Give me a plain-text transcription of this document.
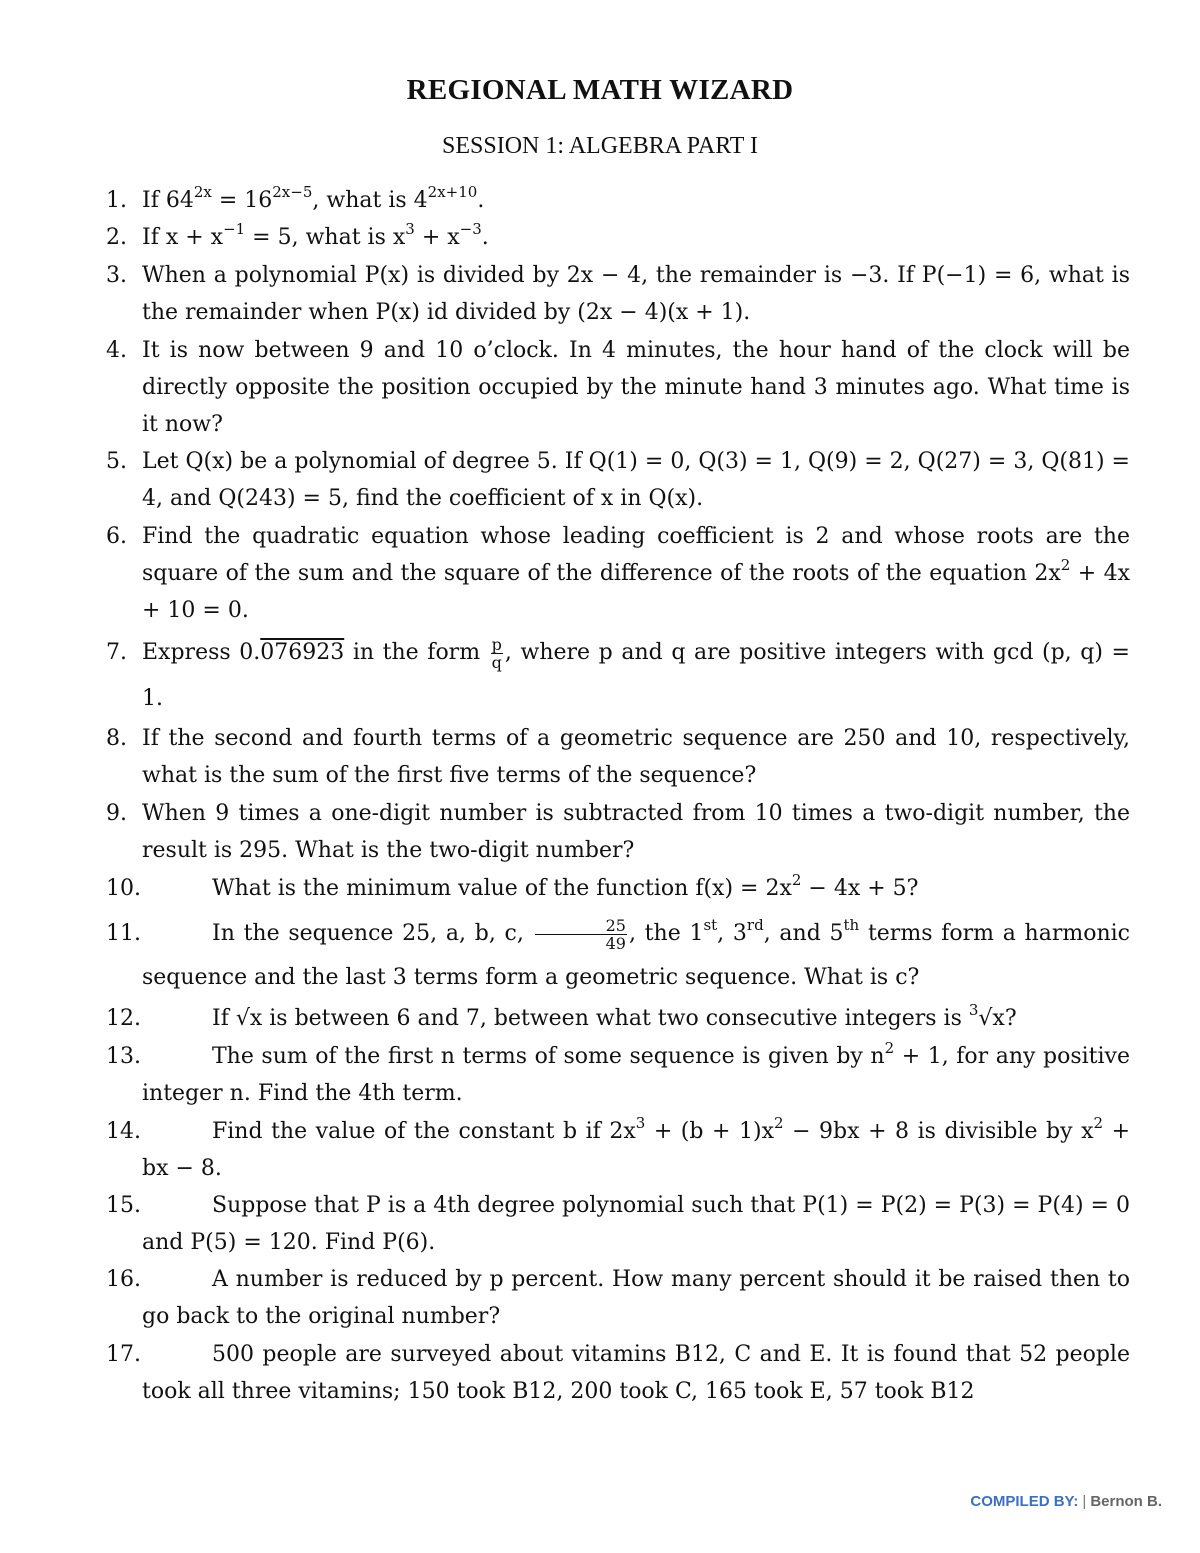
REGIONAL MATH WIZARD
SESSION 1: ALGEBRA PART I
1. If $64^{2x} = 16^{2x-5}$, what is $4^{2x+10}$.
2. If $x + x^{-1} = 5$, what is $x^3 + x^{-3}$.
3. When a polynomial P(x) is divided by 2x − 4, the remainder is −3. If P(−1) = 6, what is the remainder when P(x) id divided by (2x − 4)(x + 1).
4. It is now between 9 and 10 o’clock. In 4 minutes, the hour hand of the clock will be directly opposite the position occupied by the minute hand 3 minutes ago. What time is it now?
5. Let Q(x) be a polynomial of degree 5. If Q(1) = 0, Q(3) = 1, Q(9) = 2, Q(27) = 3, Q(81) = 4, and Q(243) = 5, find the coefficient of x in Q(x).
6. Find the quadratic equation whose leading coefficient is 2 and whose roots are the square of the sum and the square of the difference of the roots of the equation $2x^2 + 4x + 10 = 0$.
7. Express 0.076923 in the form $\frac{p}{q}$ , where p and q are positive integers with gcd (p, q) = 1.
8. If the second and fourth terms of a geometric sequence are 250 and 10, respectively, what is the sum of the first five terms of the sequence?
9. When 9 times a one-digit number is subtracted from 10 times a two-digit number, the result is 295. What is the two-digit number?
10.	What is the minimum value of the function $f(x) = 2x^2 - 4x + 5$?
11.	In the sequence 25, a, b, c, $\frac{25}{49}$ , the 1st, 3rd, and 5th terms form a harmonic sequence and the last 3 terms form a geometric sequence. What is c?
12.	If √x is between 6 and 7, between what two consecutive integers is $^3$√x?
13.	The sum of the first n terms of some sequence is given by $n^2 + 1$, for any positive integer n. Find the 4th term.
14.	Find the value of the constant b if $2x^3 + (b + 1)x^2 - 9bx + 8$ is divisible by $x^2$ + bx − 8.
15.	Suppose that P is a 4th degree polynomial such that P(1) = P(2) = P(3) = P(4) = 0 and P(5) = 120. Find P(6).
16.	A number is reduced by p percent. How many percent should it be raised then to go back to the original number?
17.	500 people are surveyed about vitamins B12, C and E. It is found that 52 people took all three vitamins; 150 took B12, 200 took C, 165 took E, 57 took B12
COMPILED BY: | Bernon B.
